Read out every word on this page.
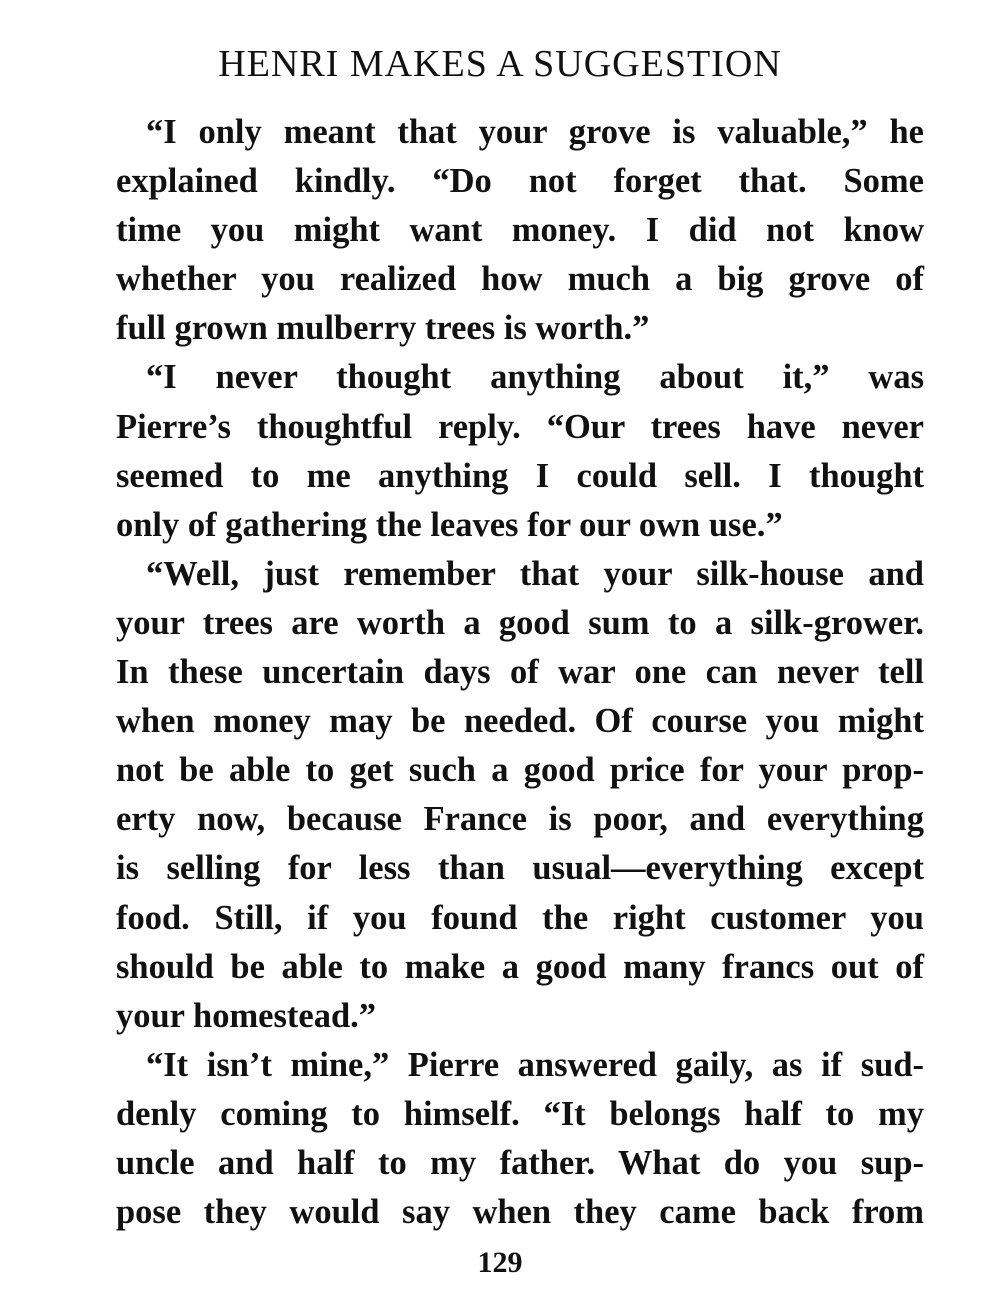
HENRI MAKES A SUGGESTION

“I only meant that your grove is valuable,” he
explained kindly. “Do not forget that. Some
time you might want money. I did not know
whether you realized how much a big grove of
full grown mulberry trees is worth.”

“I never thought anything about it,” was
Pierre’s thoughtful reply. “Our trees have never
seemed to me anything I could sell. I thought
only of gathering the leaves for our own use.”

“Well, just remember that your silk-house and
your trees are worth a good sum to a silk-grower.
In these uncertain days of war one can never tell
when money may be needed. Of course you might
not be able to get such a good price for your prop-
erty now, because France is poor, and everything
is selling for less than usual—everything except
food. Still, if you found the right customer you
should be able to make a good many francs out of
your homestead.”

“It isn’t mine,” Pierre answered gaily, as if sud-
denly coming to himself. “It belongs half to my
uncle and half to my father. What do you sup-
pose they would say when they came back from

129
